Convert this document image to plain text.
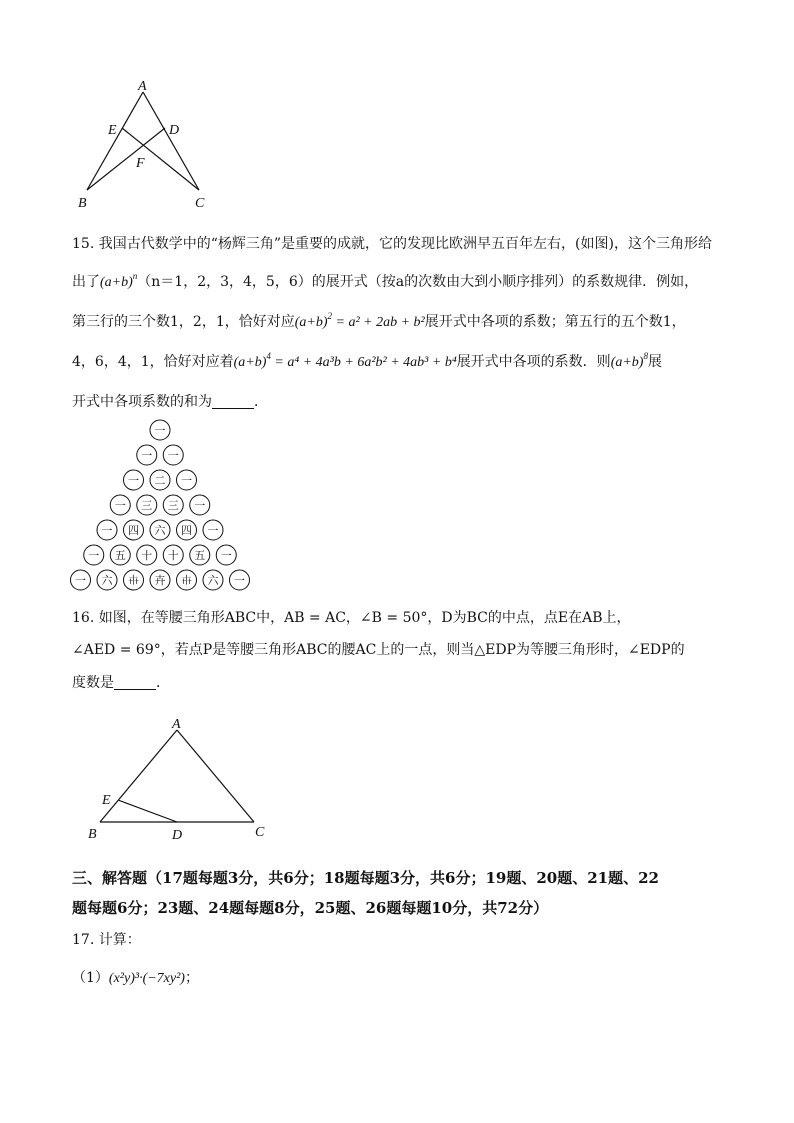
A
E	D
F
B	C
15. 我国古代数学中的“杨辉三角”是重要的成就，它的发现比欧洲早五百年左右，(如图)，这个三角形给
出了$(a+b)^n(n=1$，2，3，4，5，6）的展开式（按a的次数由大到小顺序排列）的系数规律．例如，
第三行的三个数1，2，1，恰好对应$(a+b)^2 = a^2 + 2ab + b^2$展开式中各项的系数；第五行的五个数1，
4，6，4，1，恰好对应着$(a+b)^4 = a^4 + 4a^3b + 6a^2b^2 + 4ab^3 + b^4$展开式中各项的系数．则$(a+b)^8$展
开式中各项系数的和为	．
一
一 一
一 二 一
一 三 三 一
一 四 六 四 一
一 五 十 十 五 一
一 六 𠦃 𠦄 𠦃 六 一
16. 如图，在等腰三角形ABC中，AB = AC，∠B = 50°，D为BC的中点，点E在AB上，
∠AED = 69°，若点P是等腰三角形ABC的腰AC上的一点，则当△EDP为等腰三角形时，∠EDP的
度数是	．
A
E
B	D	C
三、解答题（17题每题3分，共6分；18题每题3分，共6分；19题、20题、21题、22
题每题6分；23题、24题每题8分，25题、26题每题10分，共72分）
17. 计算：
（1）(x²y)³·(−7xy²)；
